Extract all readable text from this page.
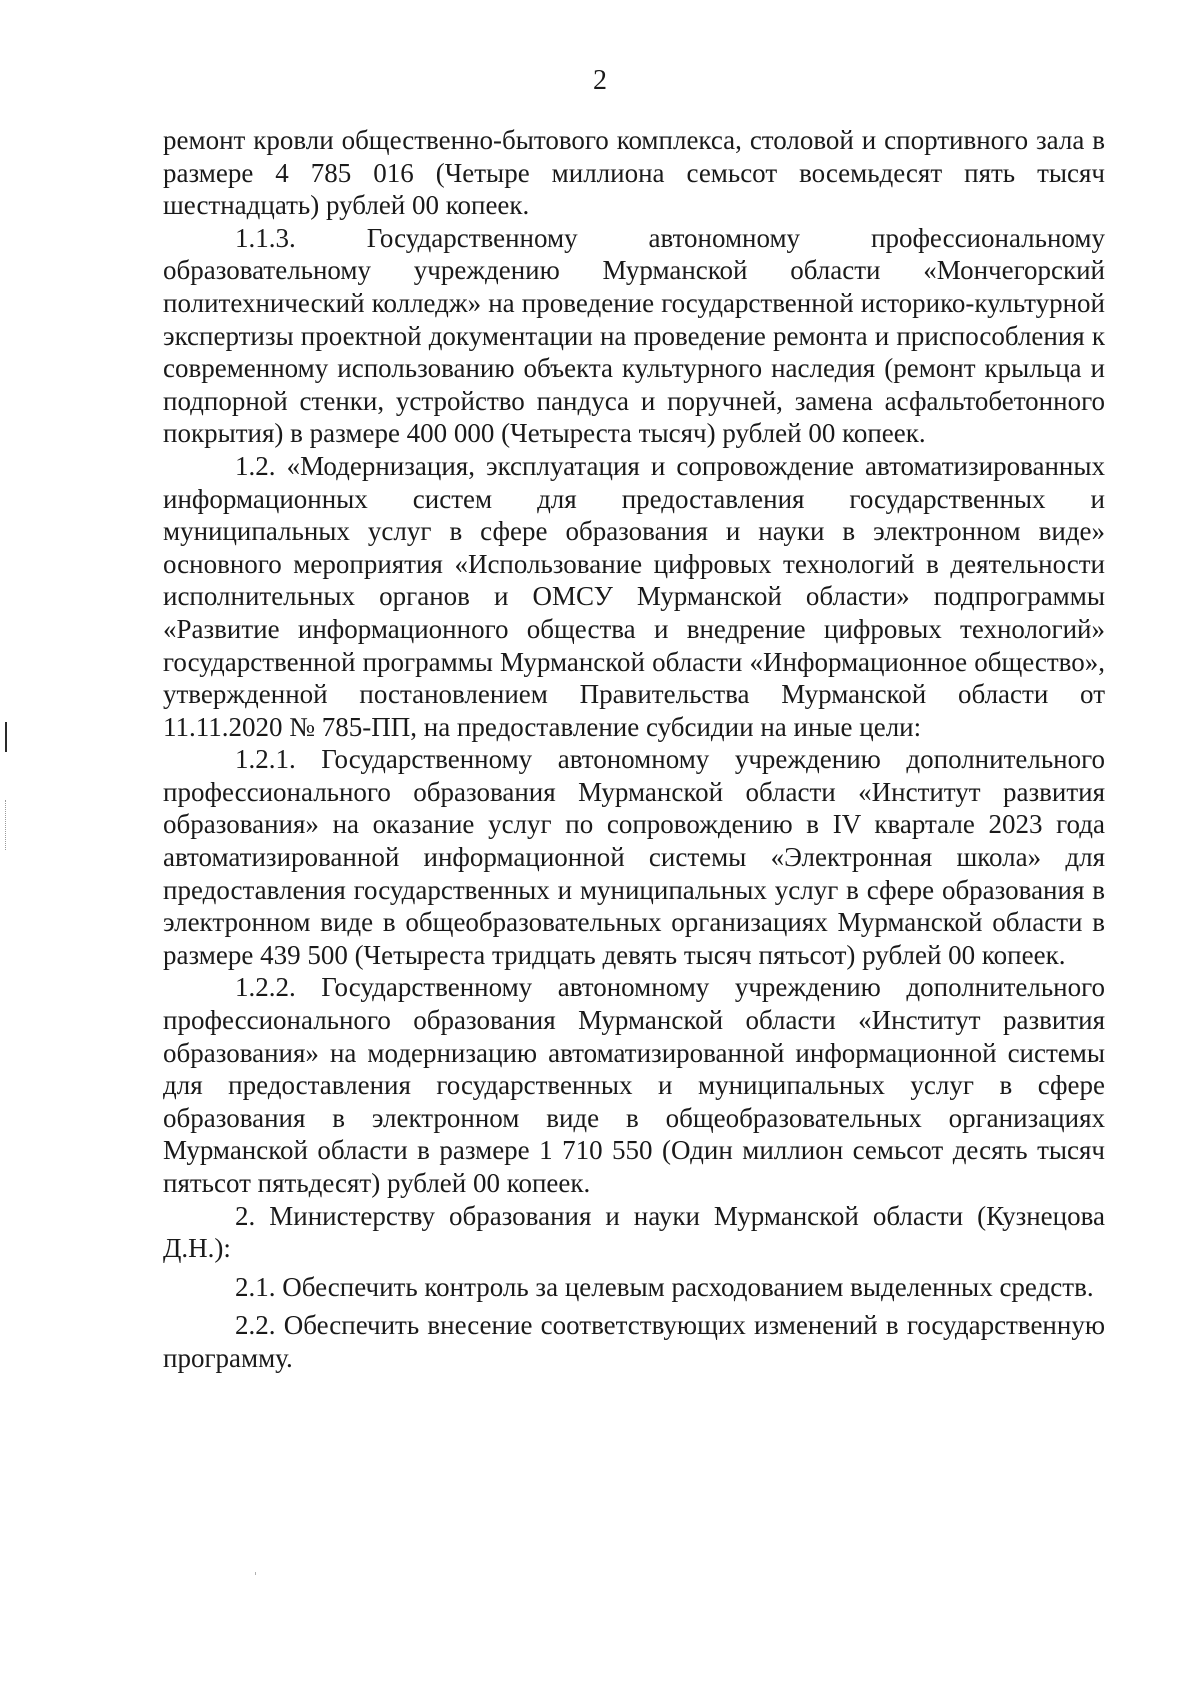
2

ремонт кровли общественно-бытового комплекса, столовой и спортивного зала в размере 4 785 016 (Четыре миллиона семьсот восемьдесят пять тысяч шестнадцать) рублей 00 копеек.

1.1.3. Государственному автономному профессиональному образовательному учреждению Мурманской области «Мончегорский политехнический колледж» на проведение государственной историко-культурной экспертизы проектной документации на проведение ремонта и приспособления к современному использованию объекта культурного наследия (ремонт крыльца и подпорной стенки, устройство пандуса и поручней, замена асфальтобетонного покрытия) в размере 400 000 (Четыреста тысяч) рублей 00 копеек.

1.2. «Модернизация, эксплуатация и сопровождение автоматизированных информационных систем для предоставления государственных и муниципальных услуг в сфере образования и науки в электронном виде» основного мероприятия «Использование цифровых технологий в деятельности исполнительных органов и ОМСУ Мурманской области» подпрограммы «Развитие информационного общества и внедрение цифровых технологий» государственной программы Мурманской области «Информационное общество», утвержденной постановлением Правительства Мурманской области от 11.11.2020 № 785-ПП, на предоставление субсидии на иные цели:

1.2.1. Государственному автономному учреждению дополнительного профессионального образования Мурманской области «Институт развития образования» на оказание услуг по сопровождению в IV квартале 2023 года автоматизированной информационной системы «Электронная школа» для предоставления государственных и муниципальных услуг в сфере образования в электронном виде в общеобразовательных организациях Мурманской области в размере 439 500 (Четыреста тридцать девять тысяч пятьсот) рублей 00 копеек.

1.2.2. Государственному автономному учреждению дополнительного профессионального образования Мурманской области «Институт развития образования» на модернизацию автоматизированной информационной системы для предоставления государственных и муниципальных услуг в сфере образования в электронном виде в общеобразовательных организациях Мурманской области в размере 1 710 550 (Один миллион семьсот десять тысяч пятьсот пятьдесят) рублей 00 копеек.

2. Министерству образования и науки Мурманской области (Кузнецова Д.Н.):

2.1. Обеспечить контроль за целевым расходованием выделенных средств.

2.2. Обеспечить внесение соответствующих изменений в государственную программу.
